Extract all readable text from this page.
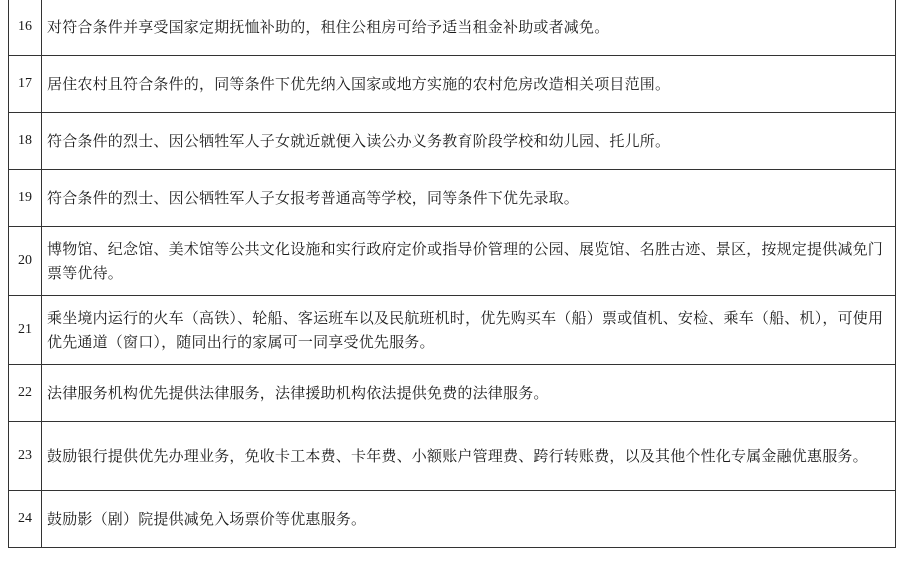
16	对符合条件并享受国家定期抚恤补助的，租住公租房可给予适当租金补助或者减免。
17	居住农村且符合条件的，同等条件下优先纳入国家或地方实施的农村危房改造相关项目范围。
18	符合条件的烈士、因公牺牲军人子女就近就便入读公办义务教育阶段学校和幼儿园、托儿所。
19	符合条件的烈士、因公牺牲军人子女报考普通高等学校，同等条件下优先录取。
20	博物馆、纪念馆、美术馆等公共文化设施和实行政府定价或指导价管理的公园、展览馆、名胜古迹、景区，按规定提供减免门票等优待。
21	乘坐境内运行的火车（高铁）、轮船、客运班车以及民航班机时，优先购买车（船）票或值机、安检、乘车（船、机），可使用优先通道（窗口），随同出行的家属可一同享受优先服务。
22	法律服务机构优先提供法律服务，法律援助机构依法提供免费的法律服务。
23	鼓励银行提供优先办理业务，免收卡工本费、卡年费、小额账户管理费、跨行转账费，以及其他个性化专属金融优惠服务。
24	鼓励影（剧）院提供减免入场票价等优惠服务。
